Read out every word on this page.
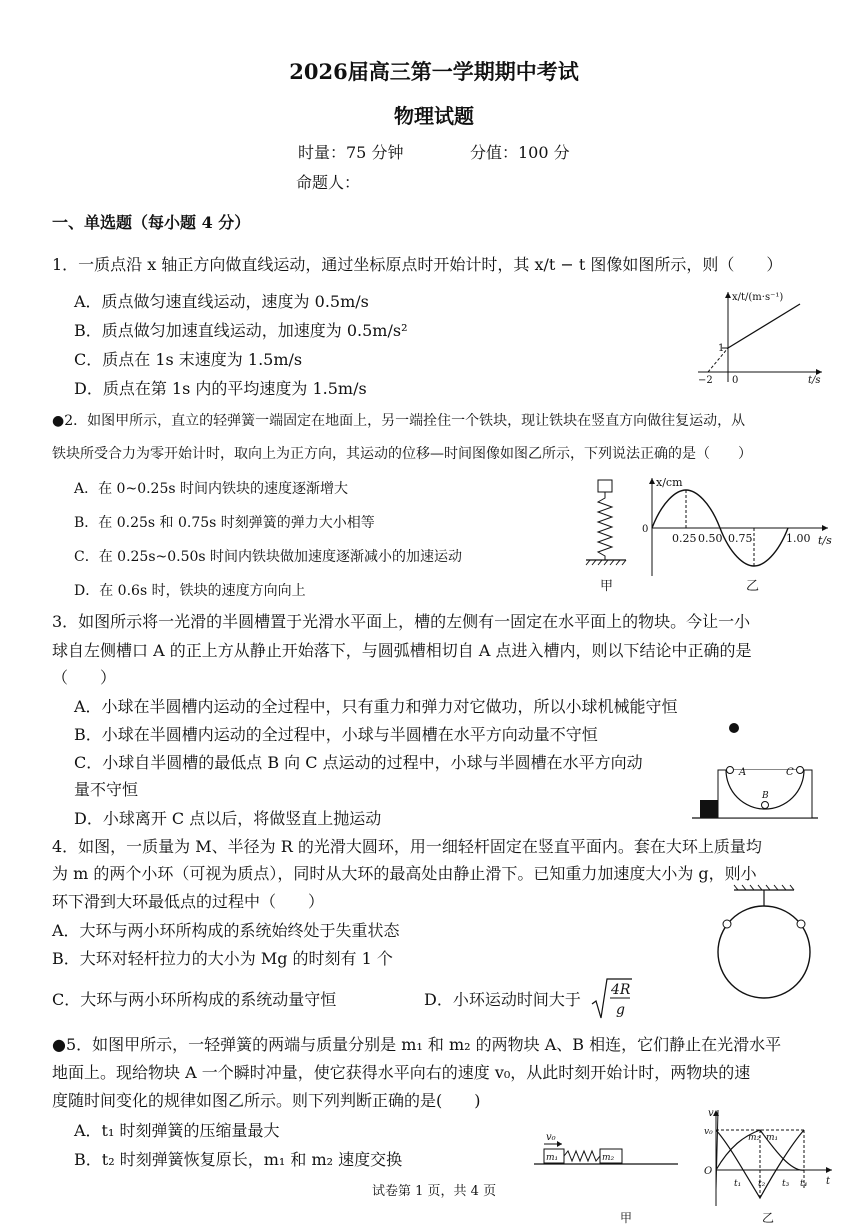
2026届高三第一学期期中考试
物理试题
时量：75 分钟	分值：100 分
命题人：
一、单选题（每小题 4 分）
1．一质点沿 x 轴正方向做直线运动，通过坐标原点时开始计时，其 x/t − t 图像如图所示，则（　　）
A．质点做匀速直线运动，速度为 0.5m/s
B．质点做匀加速直线运动，加速度为 0.5m/s²
C．质点在 1s 末速度为 1.5m/s
D．质点在第 1s 内的平均速度为 1.5m/s
x/t/(m·s⁻¹)
t/s
−2 0
1
●2．如图甲所示，直立的轻弹簧一端固定在地面上，另一端拴住一个铁块，现让铁块在竖直方向做往复运动，从
铁块所受合力为零开始计时，取向上为正方向，其运动的位移—时间图像如图乙所示，下列说法正确的是（　　）
A．在 0~0.25s 时间内铁块的速度逐渐增大
B．在 0.25s 和 0.75s 时刻弹簧的弹力大小相等
C．在 0.25s~0.50s 时间内铁块做加速度逐渐减小的加速运动
D．在 0.6s 时，铁块的速度方向向上	甲
x/cm
t/s
0
0.25 0.50 0.75	1.00
乙
3．如图所示将一光滑的半圆槽置于光滑水平面上，槽的左侧有一固定在水平面上的物块。今让一小
球自左侧槽口 A 的正上方从静止开始落下，与圆弧槽相切自 A 点进入槽内，则以下结论中正确的是
（　　）
A．小球在半圆槽内运动的全过程中，只有重力和弹力对它做功，所以小球机械能守恒
B．小球在半圆槽内运动的全过程中，小球与半圆槽在水平方向动量不守恒
C．小球自半圆槽的最低点 B 向 C 点运动的过程中，小球与半圆槽在水平方向动
量不守恒
D．小球离开 C 点以后，将做竖直上抛运动
A
B
C
4．如图，一质量为 M、半径为 R 的光滑大圆环，用一细轻杆固定在竖直平面内。套在大环上质量均
为 m 的两个小环（可视为质点），同时从大环的最高处由静止滑下。已知重力加速度大小为 g，则小
环下滑到大环最低点的过程中（　　）
A．大环与两小环所构成的系统始终处于失重状态
B．大环对轻杆拉力的大小为 Mg 的时刻有 1 个
C．大环与两小环所构成的系统动量守恒	D．小环运动时间大于 4R
g
●5．如图甲所示，一轻弹簧的两端与质量分别是 m₁ 和 m₂ 的两物块 A、B 相连，它们静止在光滑水平
地面上。现给物块 A 一个瞬时冲量，使它获得水平向右的速度 v₀，从此时刻开始计时，两物块的速
度随时间变化的规律如图乙所示。则下列判断正确的是(　　)
A．t₁ 时刻弹簧的压缩量最大
B．t₂ 时刻弹簧恢复原长，m₁ 和 m₂ 速度交换
v₀
m₁	m₂
甲
v
v₀
O
m₂ m₁
t
t₁ t₂ t₃ t₄
乙
试卷第 1 页，共 4 页
